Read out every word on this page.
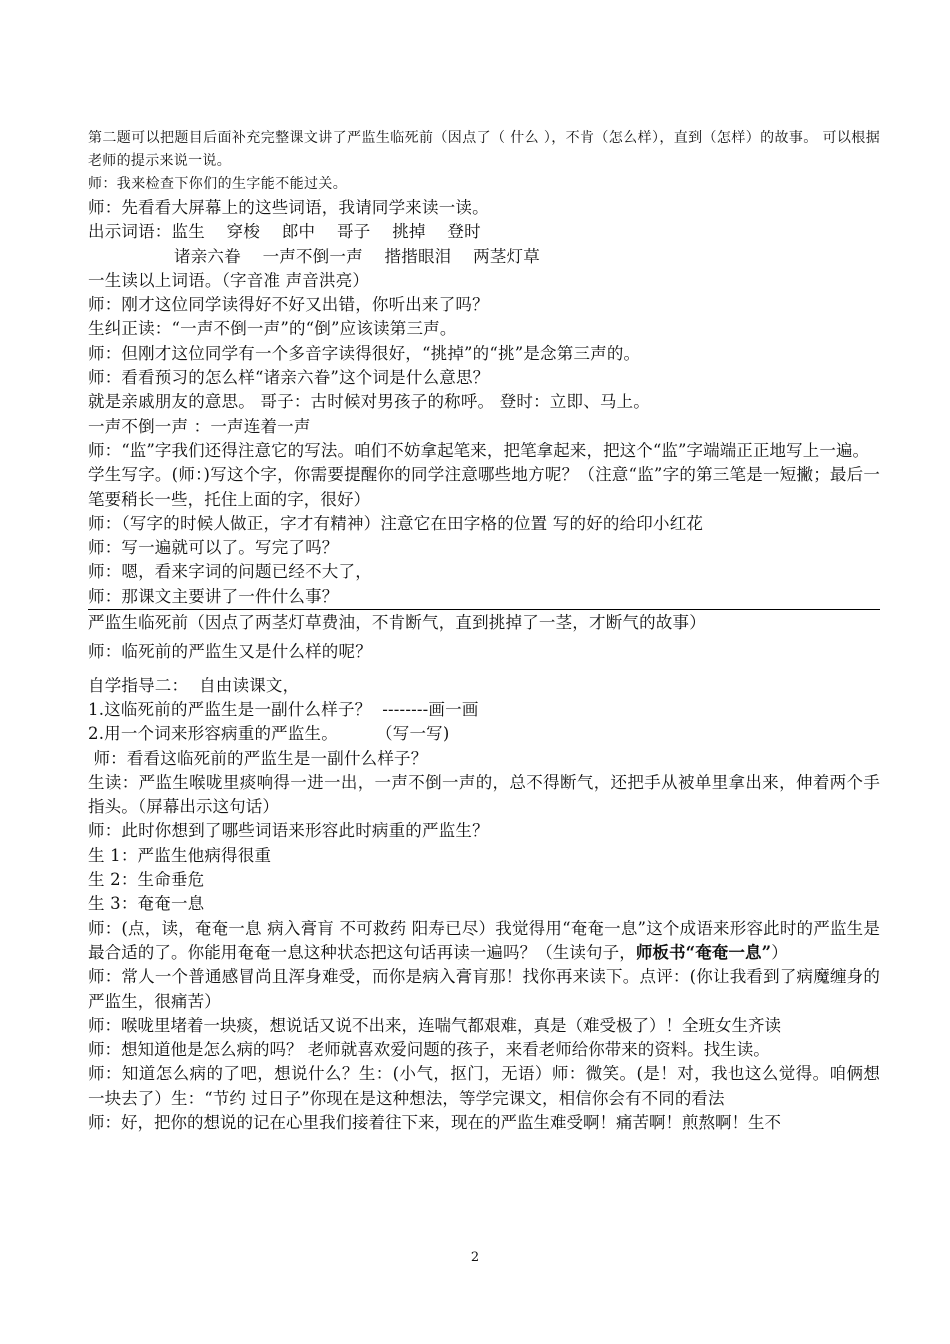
第二题可以把题目后面补充完整课文讲了严监生临死前（因点了（ 什么 ），不肯（怎么样），直到（怎样）的故事。 可以根据老师的提示来说一说。
师：我来检查下你们的生字能不能过关。
师：先看看大屏幕上的这些词语，我请同学来读一读。
出示词语：监生    穿梭    郎中    哥子    挑掉    登时
诸亲六眷    一声不倒一声    揩揩眼泪    两茎灯草
一生读以上词语。（字音准 声音洪亮）
师：刚才这位同学读得好不好又出错，你听出来了吗？
生纠正读：“一声不倒一声”的“倒”应该读第三声。
师：但刚才这位同学有一个多音字读得很好，“挑掉”的“挑”是念第三声的。
师：看看预习的怎么样“诸亲六眷”这个词是什么意思？
就是亲戚朋友的意思。 哥子：古时候对男孩子的称呼。 登时：立即、马上。
一声不倒一声 ：一声连着一声
师：“监”字我们还得注意它的写法。咱们不妨拿起笔来，把笔拿起来，把这个“监”字端端正正地写上一遍。
学生写字。(师：)写这个字，你需要提醒你的同学注意哪些地方呢？（注意“监”字的第三笔是一短撇；最后一笔要稍长一些，托住上面的字，很好）
师：（写字的时候人做正，字才有精神）注意它在田字格的位置 写的好的给印小红花
师：写一遍就可以了。写完了吗？
师：嗯，看来字词的问题已经不大了，
师：那课文主要讲了一件什么事？
严监生临死前（因点了两茎灯草费油，不肯断气，直到挑掉了一茎，才断气的故事）
师：临死前的严监生又是什么样的呢？
自学指导二：  自由读课文，
1.这临死前的严监生是一副什么样子？  --------画一画
2.用一个词来形容病重的严监生。       （写一写)
师：看看这临死前的严监生是一副什么样子？
生读：严监生喉咙里痰响得一进一出，一声不倒一声的，总不得断气，还把手从被单里拿出来，伸着两个手指头。（屏幕出示这句话）
师：此时你想到了哪些词语来形容此时病重的严监生？
生 1：严监生他病得很重
生 2：生命垂危
生 3：奄奄一息
师：(点，读，奄奄一息 病入膏肓 不可救药 阳寿已尽）我觉得用“奄奄一息”这个成语来形容此时的严监生是最合适的了。你能用奄奄一息这种状态把这句话再读一遍吗？（生读句子，师板书“奄奄一息”）
师：常人一个普通感冒尚且浑身难受，而你是病入膏肓那！找你再来读下。点评：(你让我看到了病魔缠身的严监生，很痛苦）
师：喉咙里堵着一块痰，想说话又说不出来，连喘气都艰难，真是（难受极了）！全班女生齐读
师：想知道他是怎么病的吗？ 老师就喜欢爱问题的孩子，来看老师给你带来的资料。找生读。
师：知道怎么病的了吧，想说什么？生：(小气，抠门，无语）师：微笑。(是！对，我也这么觉得。咱俩想一块去了）生：“节约 过日子”你现在是这种想法，等学完课文，相信你会有不同的看法
师：好，把你的想说的记在心里我们接着往下来，现在的严监生难受啊！痛苦啊！煎熬啊！生不
2
